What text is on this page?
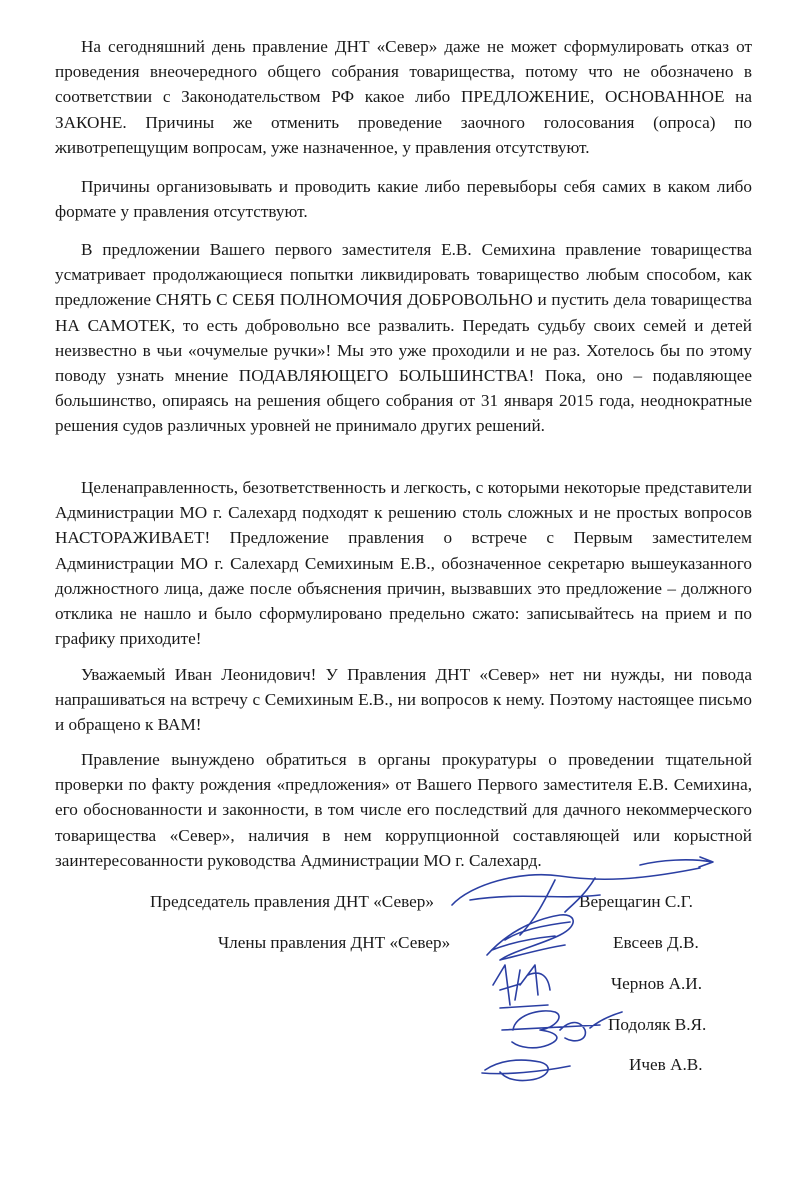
На сегодняшний день правление ДНТ «Север» даже не может сформулировать отказ от проведения внеочередного общего собрания товарищества, потому что не обозначено в соответствии с Законодательством РФ какое либо ПРЕДЛОЖЕНИЕ, ОСНОВАННОЕ на ЗАКОНЕ. Причины же отменить проведение заочного голосования (опроса) по животрепещущим вопросам, уже назначенное, у правления отсутствуют.

Причины организовывать и проводить какие либо перевыборы себя самих в каком либо формате у правления отсутствуют.

В предложении Вашего первого заместителя Е.В. Семихина правление товарищества усматривает продолжающиеся попытки ликвидировать товарищество любым способом, как предложение СНЯТЬ С СЕБЯ ПОЛНОМОЧИЯ ДОБРОВОЛЬНО и пустить дела товарищества НА САМОТЕК, то есть добровольно все развалить. Передать судьбу своих семей и детей неизвестно в чьи «очумелые ручки»! Мы это уже проходили и не раз. Хотелось бы по этому поводу узнать мнение ПОДАВЛЯЮЩЕГО БОЛЬШИНСТВА! Пока, оно – подавляющее большинство, опираясь на решения общего собрания от 31 января 2015 года, неоднократные решения судов различных уровней не принимало других решений.

Целенаправленность, безответственность и легкость, с которыми некоторые представители Администрации МО г. Салехард подходят к решению столь сложных и не простых вопросов НАСТОРАЖИВАЕТ! Предложение правления о встрече с Первым заместителем Администрации МО г. Салехард Семихиным Е.В., обозначенное секретарю вышеуказанного должностного лица, даже после объяснения причин, вызвавших это предложение – должного отклика не нашло и было сформулировано предельно сжато: записывайтесь на прием и по графику приходите!

Уважаемый Иван Леонидович! У Правления ДНТ «Север» нет ни нужды, ни повода напрашиваться на встречу с Семихиным Е.В., ни вопросов к нему. Поэтому настоящее письмо и обращено к ВАМ!

Правление вынуждено обратиться в органы прокуратуры о проведении тщательной проверки по факту рождения «предложения» от Вашего Первого заместителя Е.В. Семихина, его обоснованности и законности, в том числе его последствий для дачного некоммерческого товарищества «Север», наличия в нем коррупционной составляющей или корыстной заинтересованности руководства Администрации МО г. Салехард.

Председатель правления ДНТ «Север»	Верещагин С.Г.
Члены правления ДНТ «Север»	Евсеев Д.В.
Чернов А.И.
Подоляк В.Я.
Ичев А.В.
